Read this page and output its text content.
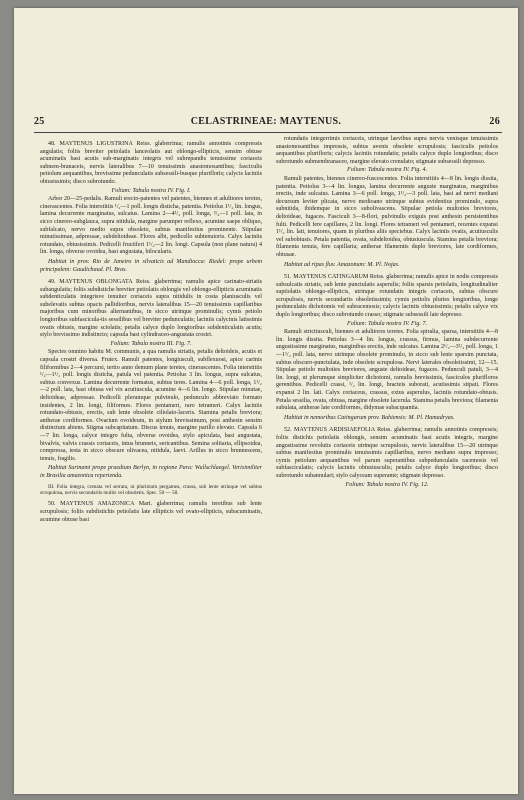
25	CELASTRINEAE: MAYTENUS.	26

48. MAYTENUS LIGUSTRINA Reiss. glaberrima; ramulis annotinis compressis angulatis; foliis breviter petiolatis lanceolatis aut oblongo-ellipticis, sensim obtuse acuminatis basi acutis sub-marginatis integris vel subrepandis tenuissime coriaceis subnem-branaceis, nervis lateralibus 7—10 tenuissimis anastomosantibus; fasciculis petiolum aequantibus, brevissime pedunculatis subsessili-busque pluriflorīs; calycis laciniis obtusissimis; disco subrotundo.

Folium: Tabula nostra IV. Fig. I.

Arbor 20—25-pedalis. Ramuli erecto-patentes vel patentes, biennes et adultiores teretes, cinerascentes. Folia interstitiis ¹/₂—1 poll. longis disticha, patentia. Petiolus 1¹/₂ lin. longus, lamina decurrente marginatus, sulcatus. Lamina 2—4¹/₂ poll. longa, ³/₄—1 poll. lata, in sicco cinereo-subglauca, supra nitidula, margine parumper reflexo, acumine saepe obliquo, subfalcato, nervo medio supra obsoleto, subtus manifestius prominente. Stipulae minutissimae, adpressae, subdeltoideae. Flores albi, pedicello subtenuioris. Calyx laciniis rotundato, obtusissimis. Pedicelli fructiferi 1¹/₂—2 lin. longi. Capsula (non plane natura) 4 lin. longa, obverse ovoidea, basi angustata, bilocularis.

Habitat in prov. Rio de Janeiro in silvaticis ad Mandiocca: Riedel: prope urbem principalem: Gaudichaud. Pl. Bras.

49. MAYTENUS OBLONGATA Reiss. glaberrima; ramulis apice carinato-striatis subangulatis; foliis subdistiche breviter petiolatis oblongis vel oblongo-ellipticis acuminatis subdenticulatis integrisve tenuiter coriaceis supra nitidulis in costa planiusculis vel subelevatis subtus opacis pallidioribus, nervis lateralibus 15—20 tenuissimis capillaribus majoribus cum minoribus alternantibus, in sicco utrinque prominulis; cymis petiolo longioribus subfascicula-tis sessilibus vel breviter pedunculatis; laciniis calycinis latissimis ovatis obtusis, margine sciolatis; petalis calyce duplo longioribus subdenticulatis acutis; stylo brevissimo indistincto; capsula basi cylindraceo-angustata crostri.

Folium: Tabula nostra III. Fig. 7.

Species omnino habitu M. communis, a qua ramulis striatis, petalis deltoideis, acutis et capsula crostri diversa. Frutex. Ramuli patentes, longiusculi, subflexuosi, apice carinis filiformibus 2—4 percursi, tertio anno demum plane teretes, cinerascentes. Folia interstitiis ¹/₂—1¹/₂ poll. longis disticha, patula vel patentia. Petiolus 3 lin. longus, supra sulcatus, subtus convexus. Lamina decurrente formatus, subtus teres. Lamina 4—6 poll. longa, 1¹/₂—2 poll. lata, basi obtusa vel vix acutiuscula, acumine 4—6 lin. longo. Stipulae minutae, deltoideae, adpressae. Pedicelli plerumque pulvinulo, pedunculo abbreviato formato insidentes, 2 lin. longi, filiformes. Flores pentameri, raro tetrameri. Calyx laciniis rotundato-obtusis, erectis, sub lente obsolete ciliolato-laceris. Stamina petalis breviora; antherae cordiformes. Ovarium ovoideum, in stylum brevissimum, post anthesin sensim distinctum abiens. Stigma subcapitatum. Discus tenuis, margine parillo elevato. Capsula 6—7 lin. longa, calyce integro fulta, obverse ovoidea, stylo apiculata, basi angustata, bivalvis, valvis crassis coriaceis, intus brunneis, sericantibus. Semina solitaria, ellipsoidea, compressa, testa in sicco obscure olivacea, nitidula, laevi. Arillus in sicco brunnescens, tenuis, fragilis.

Habitat Surinami prope praedium Berlyn, in regione Para: Wullschlaegel. Verisimiliter in Brasilia amazonica reperienda.

III. Folia integra, crenata vel serrata, ut plurimum pergamea, crassa, sub lente utrinque vel subtus scrupulosa, nervis secundariis multis vel obsoletis. Spec. 50 — 58.

50. MAYTENUS AMAZONICA Mart. glaberrima; ramulis teretibus sub lente scrupulosis; foliis subdistichis petiolatis late ellipticis vel ovato-ellipticis, subacuminatis, acumine obtuse basi

rotundatis integerrimis coriaceis, utrinque laevibus supra nervis venisque tenuissimis anastomosantibus impressis, subtus avenis obsolete scrupulosis; fasciculis petiolos aequantibus plurifloris; calycis laciniis rotundatis; petalis calyce duplo longioribus; disco subrotundo submembranaceo, margine elevato crenulato; stigmate subsessili depresso.

Folium: Tabula nostra IV. Fig. 4.

Ramuli patentes, biennes cinereo-fuscescentes. Folia interstitiis 4—8 lin. longis dissita, patentia. Petiolus 3—4 lin. longus, lamina decurrente anguste marginatus, marginibus erectis, inde sulcatus. Lamina 3—6 poll. longa, 1¹/₂—3 poll. lata, basi ad nervi mediani decursum leviter plicata, nervo medioano utrinque subtus evidentius prominulo, supra subnitida, ibidemque in sicco subolivascens. Stipulae petiola multoties breviores, deltoideae, fugaces. Fasciculi 3—8-flori, pulvinulis exiguis post anthesin persistentibus fulti. Pedicelli fere capillares, 2 lin. longi. Flores tetrameri vel pentameri, recentes expansi 1¹/₂ lin. lati, tenuiores, quam in pluribus aliis speciebus. Calyx laciniis ovatis, acutiusculis vel subobtusis. Petala patentia, ovata, subdeltoidea, obtusiuscula. Stamina petalis breviora; filamenta tenuia, fere capillaria; antherae filamentis duplo breviores, late cordiformes, obtusae.

Habitat ad ripas fluv. Amazonum: M. Pl. Nojas.

51. MAYTENUS CATINGARUM Reiss. glaberrima; ramulis apice in nodis compressis subsulcatis striatis, sub lente punctulatis asperulis; foliis sparsis petiolatis, longitudinaliter suptiolatis oblongo-ellipticis, utrinque rotundatis integris coriaceis, subtus obscure scrupulosis, nervis secundariis obsoletissimis; cymis petiolis pluries longioribus, longe pedunculatis dichotomis vel subracemosis; calycis laciniis obtusissimis; petalis calyce vix duplo longioribus; disco subrotundo crasso; stigmate subsessili late depresso.

Folium: Tabula nostra IV. Fig. 7.

Ramuli strictiusculi, biennes et adultiores teretes. Folia spiralia, sparsa, interstitiis 4—8 lin. longis dissita. Petiolus 3—4 lin. longus, crassus, firmus, lamina subdecurrente angustissime marginatus, marginibus erectis, inde sulcatus. Lamina 2¹/₂—3¹/₂ poll. longa, 1—1¹/₂ poll. lata, nervo utrinque obsolete prominulo, in sicco sub lente sparsim punctata, subtus obscuro-punctulata, inde obsolete scrupulosa. Nervi laterales obsoletissimi, 12—15. Stipulae petiolo multoties breviores, anguste deltoideae, fugaces. Pedunculi patuli, 3—4 lin. longi, ut plerumque simpliciter dichotomi, ramulis brevissimis, fasciculos plurifloros gerentibus. Pedicelli crassi, ¹/₂ lin. longi, bracteis suborati, acutissimis stipati. Flores expansi 2 lin. lati. Calyx coriaceus, crassus, extus asperulus, laciniis rotundato-obtusis. Petala sessilia, ovata, obtusa, margine obsolete lacerula. Stamina petalis breviora; filamenta subulata, antherae late cordiformes, didymae subacquantia.

Habitat in nemoribus Catingarum prov. Bahiensis: M. Pl. Hamadryas.

52. MAYTENUS ARDISIAEFOLIA Reiss. glaberrima; ramulis annotinis compressis; foliis distichis petiolatis oblongis, sensim acuminatis basi acutis integris, margine angustissime revolutis coriaceis utrinque scrupulosis, nervis lateralibus 15—20 utrinque subtus manifestius prominulis tenuissimis capillaribus, nervo mediano supra impresso; cymis petiolum aequantibus vel parum superantibus subpedunculatis racemosis vel subfasciculatis; calycis laciniis obtusiusculis; petalis calyce duplo longioribus; disco subrotundo subannulari; stylo calyceam superante; stigmate depresso.

Folium: Tabula nostra IV. Fig. 12.
